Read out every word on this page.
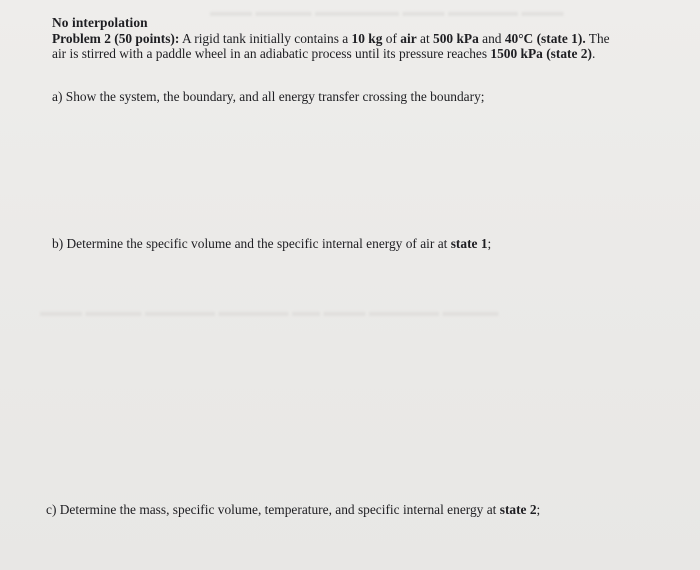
▬▬▬ ▬▬▬▬▬ ▬▬▬ ▬▬▬▬▬▬ ▬▬▬▬ ▬▬▬
▬▬▬▬ ▬▬▬▬▬ ▬▬▬ ▬▬ ▬▬▬▬▬ ▬▬▬▬▬ ▬▬▬▬ ▬▬▬

No interpolation

Problem 2 (50 points): A rigid tank initially contains a 10 kg of air at 500 kPa and 40°C (state 1). The air is stirred with a paddle wheel in an adiabatic process until its pressure reaches 1500 kPa (state 2).

a) Show the system, the boundary, and all energy transfer crossing the boundary;
b) Determine the specific volume and the specific internal energy of air at state 1;
c) Determine the mass, specific volume, temperature, and specific internal energy at state 2;
